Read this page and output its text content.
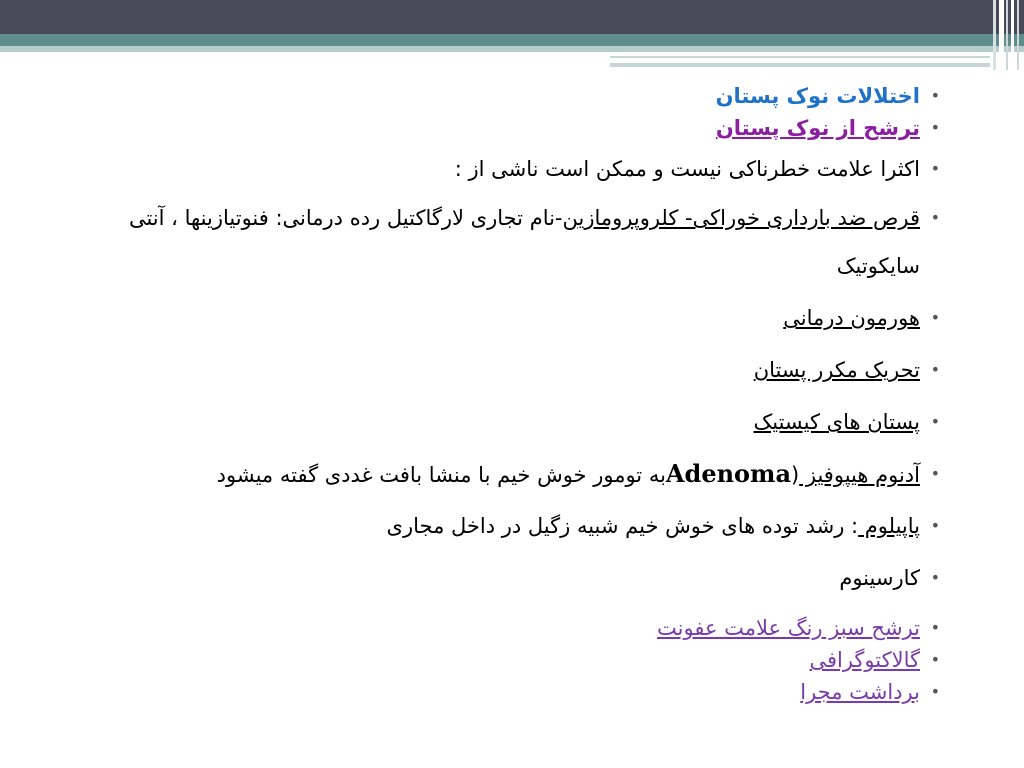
•
اختلالات نوک پستان
•
ترشح از نوک پستان
•
اکثرا علامت خطرناکی نیست و ممکن است ناشی از :
•
قرص ضد بارداری خوراکی- کلروپرومازین-نام تجاری لارگاکتیل رده درمانی: فنوتیازینها ، آنتی سایکوتیک
•
هورمون درمانی
•
تحریک مکرر پستان
•
پستان های کیستیک
•
آدنوم هیپوفیز (Adenomaبه تومور خوش خیم با منشا بافت غددی گفته میشود
•
پاپیلوم : رشد توده های خوش خیم شبیه زگیل در داخل مجاری
•
کارسینوم
•
ترشح سبز رنگ علامت عفونت
•
گالاکتوگرافی
•
برداشت مجرا
